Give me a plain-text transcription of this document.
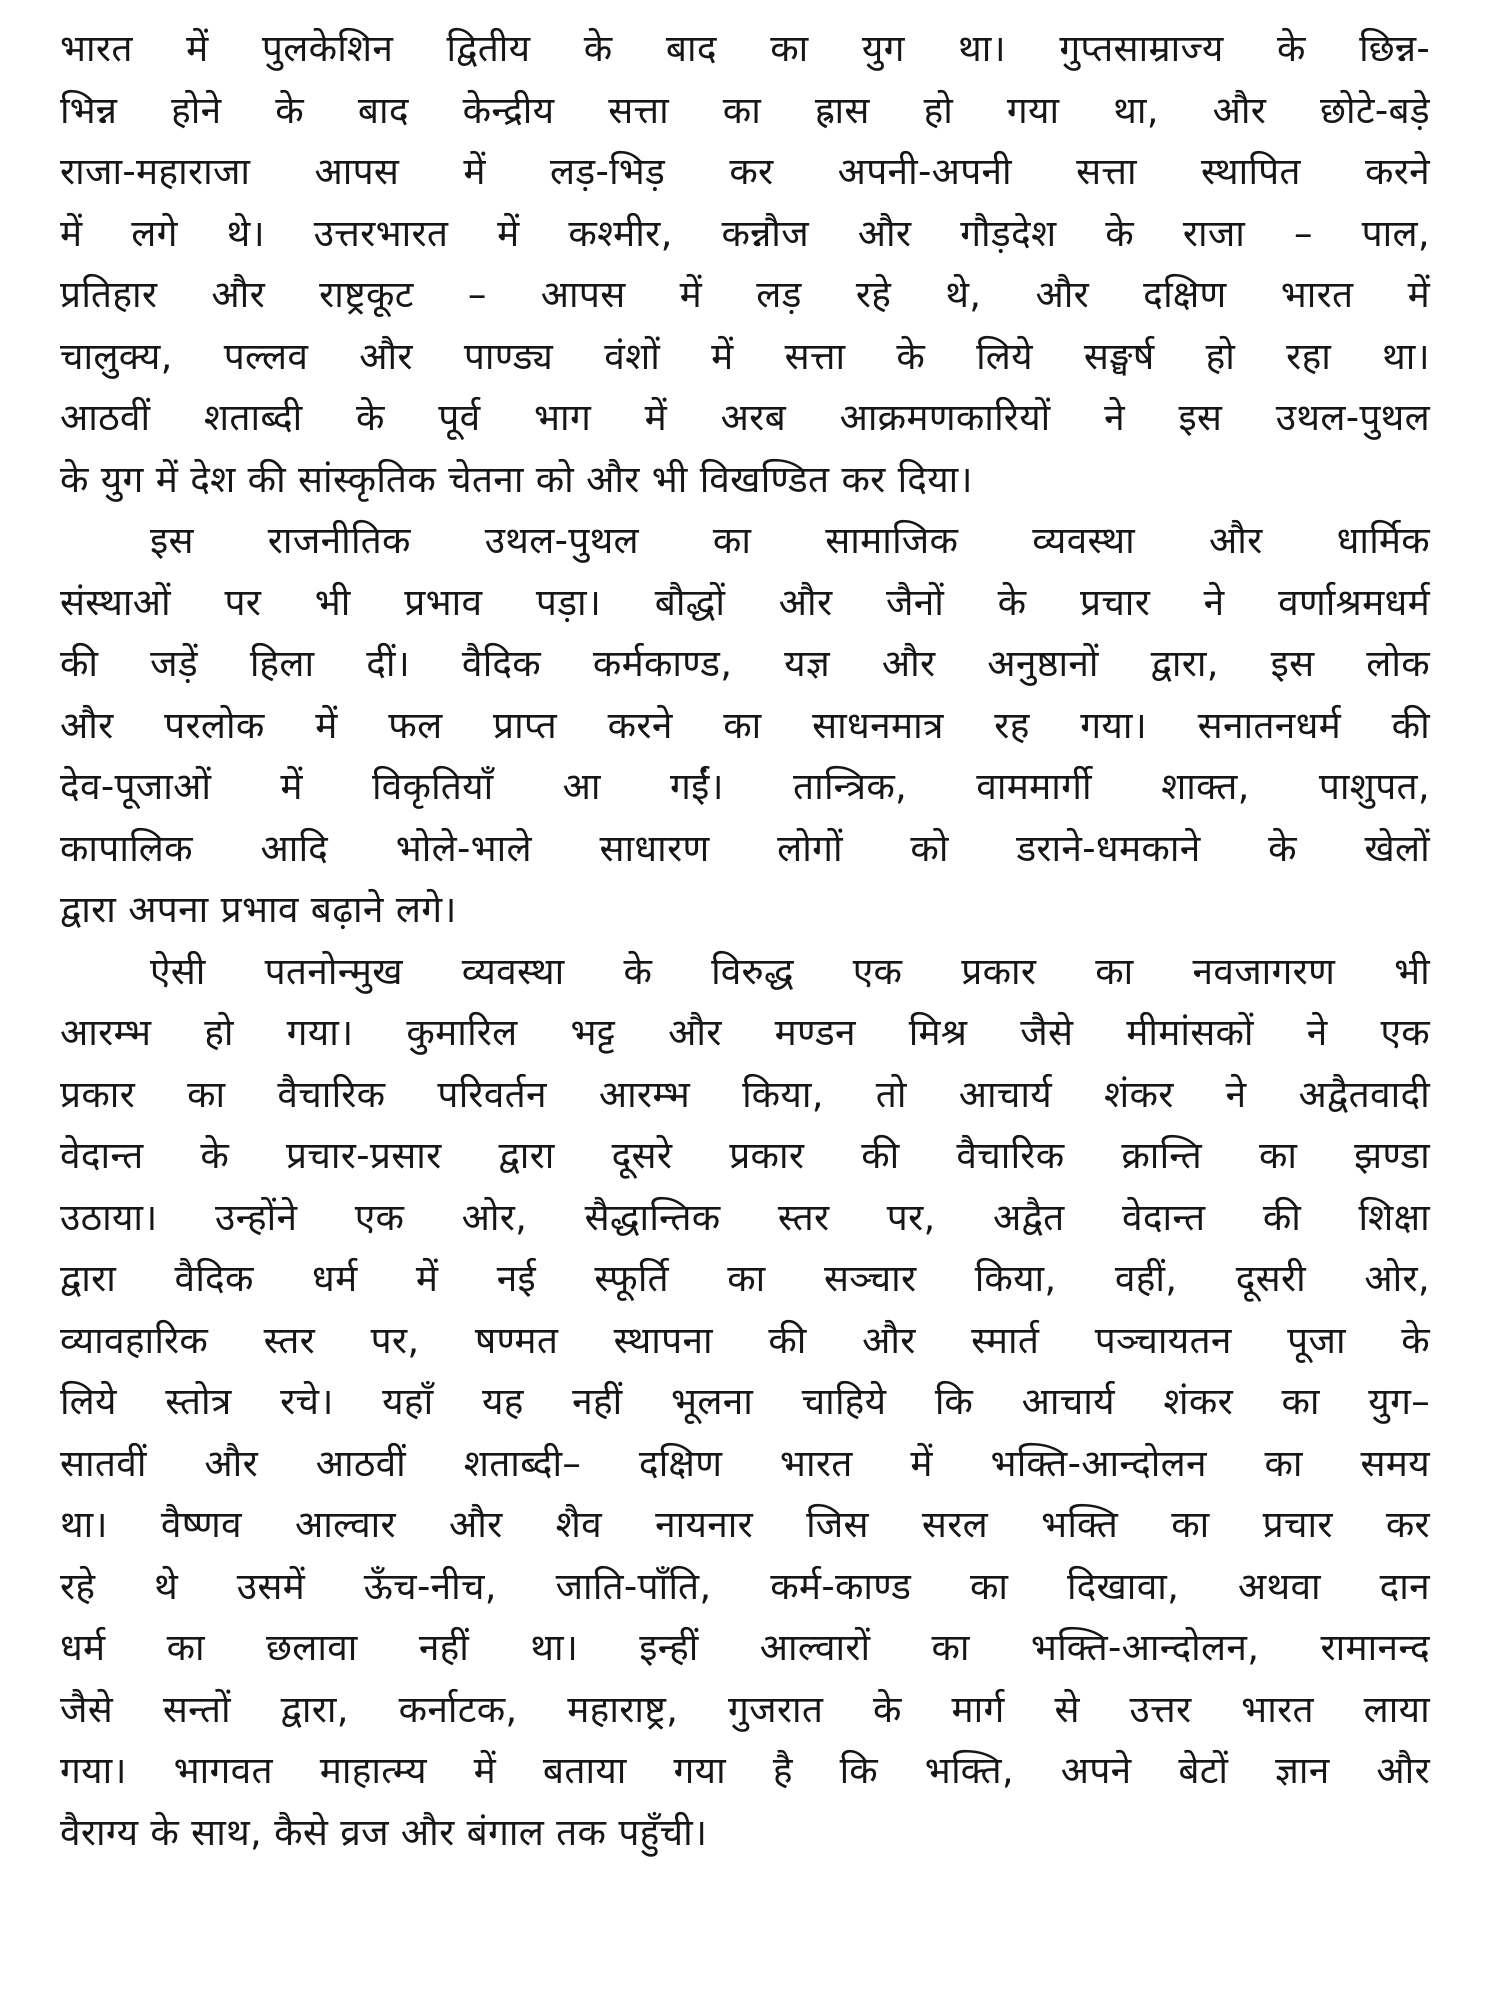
भारत में पुलकेशिन द्वितीय के बाद का युग था। गुप्तसाम्राज्य के छिन्न-
भिन्न होने के बाद केन्द्रीय सत्ता का ह्रास हो गया था, और छोटे-बड़े
राजा-महाराजा आपस में लड़-भिड़ कर अपनी-अपनी सत्ता स्थापित करने
में लगे थे। उत्तरभारत में कश्मीर, कन्नौज और गौड़देश के राजा – पाल,
प्रतिहार और राष्ट्रकूट – आपस में लड़ रहे थे, और दक्षिण भारत में
चालुक्य, पल्लव और पाण्ड्य वंशों में सत्ता के लिये सङ्घर्ष हो रहा था।
आठवीं शताब्दी के पूर्व भाग में अरब आक्रमणकारियों ने इस उथल-पुथल
के युग में देश की सांस्कृतिक चेतना को और भी विखण्डित कर दिया।
इस राजनीतिक उथल-पुथल का सामाजिक व्यवस्था और धार्मिक
संस्थाओं पर भी प्रभाव पड़ा। बौद्धों और जैनों के प्रचार ने वर्णाश्रमधर्म
की जड़ें हिला दीं। वैदिक कर्मकाण्ड, यज्ञ और अनुष्ठानों द्वारा, इस लोक
और परलोक में फल प्राप्त करने का साधनमात्र रह गया। सनातनधर्म की
देव-पूजाओं में विकृतियाँ आ गईं। तान्त्रिक, वाममार्गी शाक्त, पाशुपत,
कापालिक आदि भोले-भाले साधारण लोगों को डराने-धमकाने के खेलों
द्वारा अपना प्रभाव बढ़ाने लगे।
ऐसी पतनोन्मुख व्यवस्था के विरुद्ध एक प्रकार का नवजागरण भी
आरम्भ हो गया। कुमारिल भट्ट और मण्डन मिश्र जैसे मीमांसकों ने एक
प्रकार का वैचारिक परिवर्तन आरम्भ किया, तो आचार्य शंकर ने अद्वैतवादी
वेदान्त के प्रचार-प्रसार द्वारा दूसरे प्रकार की वैचारिक क्रान्ति का झण्डा
उठाया। उन्होंने एक ओर, सैद्धान्तिक स्तर पर, अद्वैत वेदान्त की शिक्षा
द्वारा वैदिक धर्म में नई स्फूर्ति का सञ्चार किया, वहीं, दूसरी ओर,
व्यावहारिक स्तर पर, षण्मत स्थापना की और स्मार्त पञ्चायतन पूजा के
लिये स्तोत्र रचे। यहाँ यह नहीं भूलना चाहिये कि आचार्य शंकर का युग–
सातवीं और आठवीं शताब्दी– दक्षिण भारत में भक्ति-आन्दोलन का समय
था। वैष्णव आल्वार और शैव नायनार जिस सरल भक्ति का प्रचार कर
रहे थे उसमें ऊँच-नीच, जाति-पाँति, कर्म-काण्ड का दिखावा, अथवा दान
धर्म का छलावा नहीं था। इन्हीं आल्वारों का भक्ति-आन्दोलन, रामानन्द
जैसे सन्तों द्वारा, कर्नाटक, महाराष्ट्र, गुजरात के मार्ग से उत्तर भारत लाया
गया। भागवत माहात्म्य में बताया गया है कि भक्ति, अपने बेटों ज्ञान और
वैराग्य के साथ, कैसे व्रज और बंगाल तक पहुँची।
